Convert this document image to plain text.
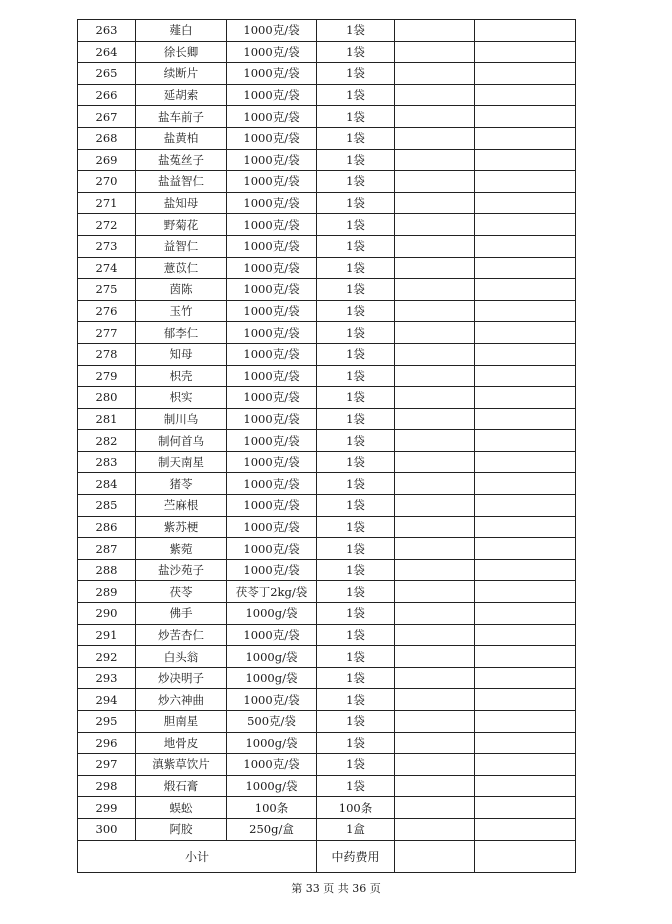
263	薤白	1000克/袋	1袋		
264	徐长卿	1000克/袋	1袋		
265	续断片	1000克/袋	1袋		
266	延胡索	1000克/袋	1袋		
267	盐车前子	1000克/袋	1袋		
268	盐黄柏	1000克/袋	1袋		
269	盐菟丝子	1000克/袋	1袋		
270	盐益智仁	1000克/袋	1袋		
271	盐知母	1000克/袋	1袋		
272	野菊花	1000克/袋	1袋		
273	益智仁	1000克/袋	1袋		
274	薏苡仁	1000克/袋	1袋		
275	茵陈	1000克/袋	1袋		
276	玉竹	1000克/袋	1袋		
277	郁李仁	1000克/袋	1袋		
278	知母	1000克/袋	1袋		
279	枳壳	1000克/袋	1袋		
280	枳实	1000克/袋	1袋		
281	制川乌	1000克/袋	1袋		
282	制何首乌	1000克/袋	1袋		
283	制天南星	1000克/袋	1袋		
284	猪苓	1000克/袋	1袋		
285	苎麻根	1000克/袋	1袋		
286	紫苏梗	1000克/袋	1袋		
287	紫菀	1000克/袋	1袋		
288	盐沙苑子	1000克/袋	1袋		
289	茯苓	茯苓丁2kg/袋	1袋		
290	佛手	1000g/袋	1袋		
291	炒苦杏仁	1000克/袋	1袋		
292	白头翁	1000g/袋	1袋		
293	炒决明子	1000g/袋	1袋		
294	炒六神曲	1000克/袋	1袋		
295	胆南星	500克/袋	1袋		
296	地骨皮	1000g/袋	1袋		
297	滇紫草饮片	1000克/袋	1袋		
298	煅石膏	1000g/袋	1袋		
299	蜈蚣	100条	100条		
300	阿胶	250g/盒	1盒		
小计			中药费用		
第 33 页 共 36 页
